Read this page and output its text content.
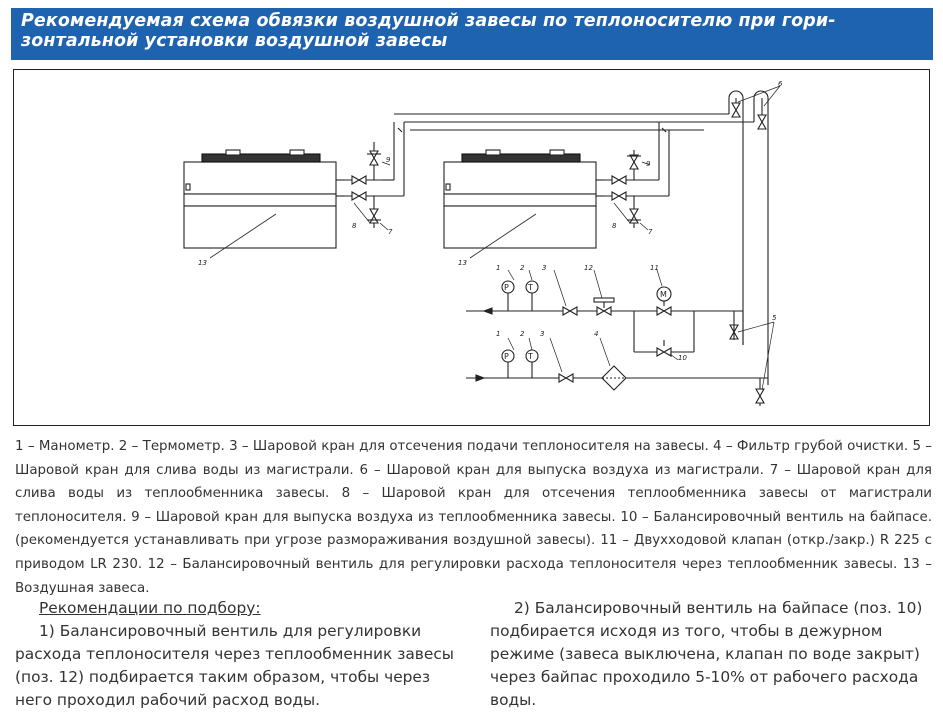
Рекомендуемая схема обвязки воздушной завесы по теплоносителю при гори-
зонтальной установки воздушной завесы
13
9
8
7
13
9
8
7
6
P T
M
1	2	3	12	11
10
P T
1	2 3	4
5
1 – Манометр. 2 – Термометр. 3 – Шаровой кран для отсечения подачи теплоносителя на завесы. 4 – Фильтр грубой очистки. 5 – Шаровой кран для слива воды из магистрали. 6 – Шаровой кран для выпуска воздуха из магистрали. 7 – Шаровой кран для слива воды из теплообменника завесы. 8 – Шаровой кран для отсечения теплообменника завесы от магистрали теплоносителя. 9 – Шаровой кран для выпуска воздуха из теплообменника завесы. 10 – Балансировочный вентиль на байпасе. (рекомендуется устанавливать при угрозе размораживания воздушной завесы). 11 – Двухходовой клапан (откр./закр.) R 225 с приводом LR 230. 12 – Балансировочный вентиль для регулировки расхода теплоносителя через теплообменник завесы. 13 – Воздушная завеса.
Рекомендации по подбору:
1) Балансировочный вентиль для регулировки расхода теплоносителя через теплообменник завесы (поз. 12) подбирается таким образом, чтобы через него проходил рабочий расход воды.
2) Балансировочный вентиль на байпасе (поз. 10) подбирается исходя из того, чтобы в дежурном режиме (завеса выключена, клапан по воде закрыт) через байпас проходило 5-10% от рабочего расхода воды.
